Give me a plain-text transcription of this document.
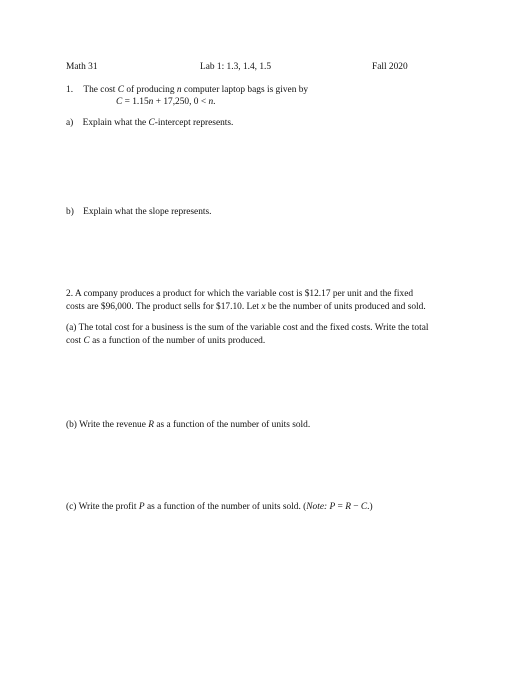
Math 31	Lab 1: 1.3, 1.4, 1.5	Fall 2020
1. The cost C of producing n computer laptop bags is given by
C = 1.15n + 17,250, 0 < n.
a) Explain what the C-intercept represents.
b) Explain what the slope represents.
2. A company produces a product for which the variable cost is $12.17 per unit and the fixed
costs are $96,000. The product sells for $17.10. Let x be the number of units produced and sold.
(a) The total cost for a business is the sum of the variable cost and the fixed costs. Write the total
cost C as a function of the number of units produced.
(b) Write the revenue R as a function of the number of units sold.
(c) Write the profit P as a function of the number of units sold. (Note: P = R − C.)
